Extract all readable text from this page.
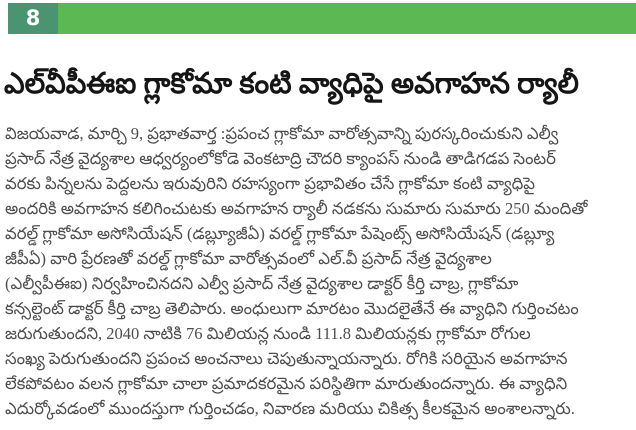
8
ఎల్‌వీపీఈఐ గ్లాకోమా కంటి వ్యాధిపై అవగాహన ర్యాలీ
విజయవాడ, మార్చి 9, ప్రభాతవార్త :ప్రపంచ గ్లాకోమా వారోత్సవాన్ని పురస్కరించుకుని ఎల్వీ
ప్రసాద్ నేత్ర వైద్యశాల ఆధ్వర్యంలోకోడె వెంకటాద్రి చౌదరి క్యాంపస్ నుండి తాడిగడప సెంటర్
వరకు పిన్నలను పెద్దలను ఇరువురిని రహస్యంగా ప్రభావితం చేసే గ్లాకోమా కంటి వ్యాధిపై
అందరికి అవగాహన కలిగించుటకు అవగాహన ర్యాలీ నడకను సుమారు సుమారు 250 మందితో
వరల్డ్ గ్లాకోమా అసోసియేషన్ (డబ్ల్యూజీఏ) వరల్డ్ గ్లాకోమా పేషెంట్స్ అసోసియేషన్ (డబ్ల్యూ
జీపీఏ) వారి ప్రేరణతో వరల్డ్ గ్లాకోమా వారోత్సవంలో ఎల్.వీ ప్రసాద్ నేత్ర వైద్యశాల
(ఎల్వీపీఈఐ) నిర్వహించినదని ఎల్వీ ప్రసాద్ నేత్ర వైద్యశాల డాక్టర్ కీర్తి చాబ్ర, గ్లాకోమా
కన్సల్టెంట్ డాక్టర్ కీర్తి చాబ్ర తెలిపారు. అంధులుగా మారటం మొదలైతేనే ఈ వ్యాధిని గుర్తించటం
జరుగుతుందని, 2040 నాటికి 76 మిలియన్ల నుండి 111.8 మిలియన్లకు గ్లాకోమా రోగుల
సంఖ్య పెరుగుతుందని ప్రపంచ అంచనాలు చెపుతున్నాయన్నారు. రోగికి సరియైన అవగాహన
లేకపోవటం వలన గ్లాకోమా చాలా ప్రమాదకరమైన పరిస్థితిగా మారుతుందన్నారు. ఈ వ్యాధిని
ఎదుర్కోవడంలో ముందస్తుగా గుర్తించడం, నివారణ మరియు చికిత్స కీలకమైన అంశాలన్నారు.
